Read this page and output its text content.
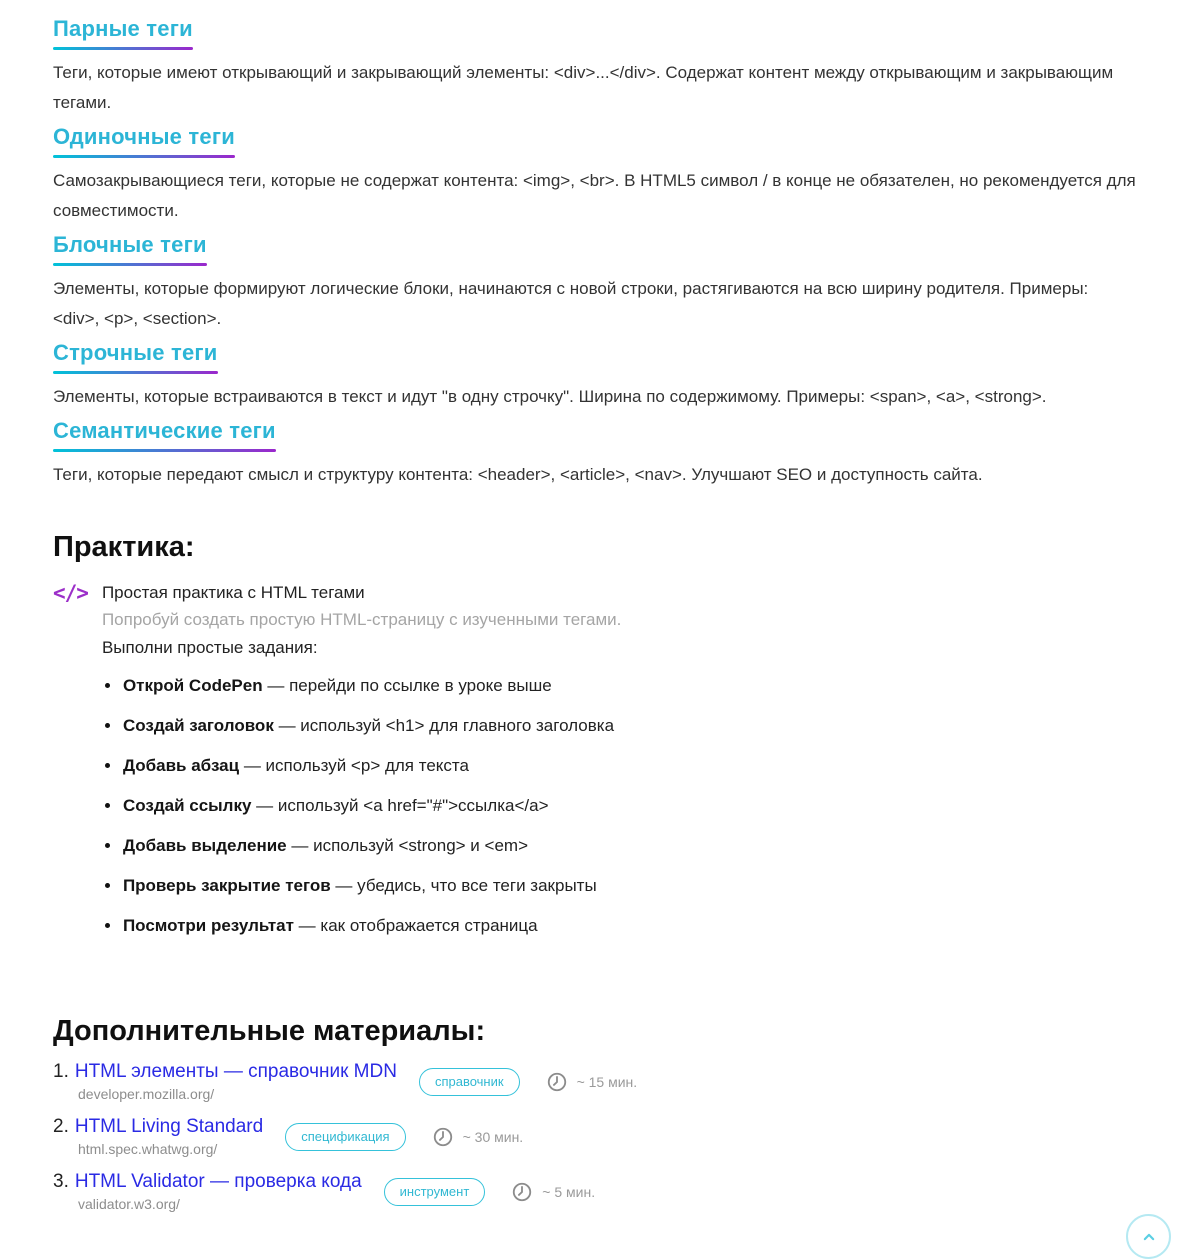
Парные теги

Теги, которые имеют открывающий и закрывающий элементы: <div>...</div>. Содержат контент между открывающим и закрывающим тегами.

Одиночные теги

Самозакрывающиеся теги, которые не содержат контента: <img>, <br>. В HTML5 символ / в конце не обязателен, но рекомендуется для совместимости.

Блочные теги

Элементы, которые формируют логические блоки, начинаются с новой строки, растягиваются на всю ширину родителя. Примеры: <div>, <p>, <section>.

Строчные теги

Элементы, которые встраиваются в текст и идут "в одну строчку". Ширина по содержимому. Примеры: <span>, <a>, <strong>.

Семантические теги

Теги, которые передают смысл и структуру контента: <header>, <article>, <nav>. Улучшают SEO и доступность сайта.

Практика:
</> Простая практика с HTML тегами
Попробуй создать простую HTML-страницу с изученными тегами.
Выполни простые задания:
Открой CodePen — перейди по ссылке в уроке выше
Создай заголовок — используй <h1> для главного заголовка
Добавь абзац — используй <p> для текста
Создай ссылку — используй <a href="#">ссылка</a>
Добавь выделение — используй <strong> и <em>
Проверь закрытие тегов — убедись, что все теги закрыты
Посмотри результат — как отображается страница
Дополнительные материалы:
1. HTML элементы — справочник MDN
developer.mozilla.org/
справочник	~ 15 мин.
2. HTML Living Standard
html.spec.whatwg.org/
спецификация	~ 30 мин.
3. HTML Validator — проверка кода
validator.w3.org/
инструмент	~ 5 мин.
